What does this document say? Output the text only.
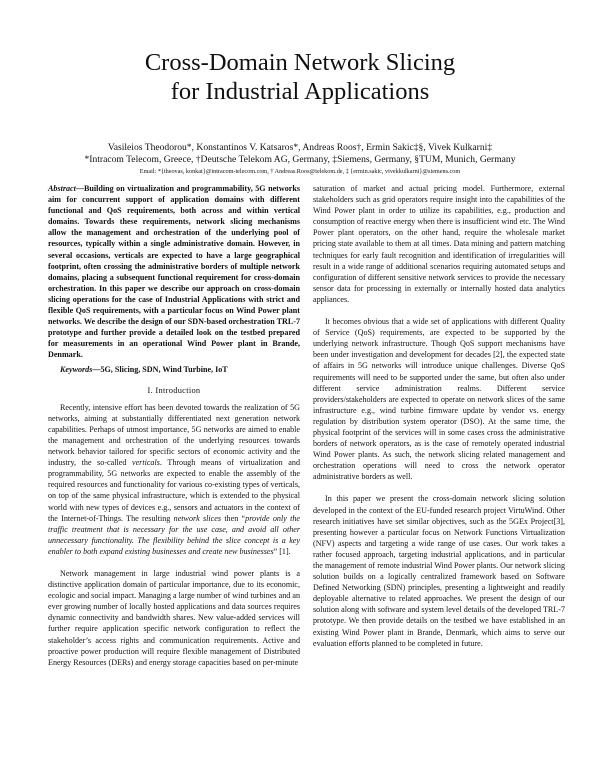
Cross-Domain Network Slicing
for Industrial Applications
Vasileios Theodorou*, Konstantinos V. Katsaros*, Andreas Roos†, Ermin Sakic‡§, Vivek Kulkarni‡
*Intracom Telecom, Greece, †Deutsche Telekom AG, Germany, ‡Siemens, Germany, §TUM, Munich, Germany
Email: *{theovas, konkat}@intracom-telecom.com, † Andreas.Roos@telekom.de, ‡ {ermin.sakic, vivekkulkarni}@siemens.com

Abstract—Building on virtualization and programmability, 5G networks aim for concurrent support of application domains with different functional and QoS requirements, both across and within vertical domains. Towards these requirements, network slicing mechanisms allow the management and orchestration of the underlying pool of resources, typically within a single administrative domain. However, in several occasions, verticals are expected to have a large geographical footprint, often crossing the administrative borders of multiple network domains, placing a subsequent functional requirement for cross-domain orchestration. In this paper we describe our approach on cross-domain slicing operations for the case of Industrial Applications with strict and flexible QoS requirements, with a particular focus on Wind Power plant networks. We describe the design of our SDN-based orchestration TRL-7 prototype and further provide a detailed look on the testbed prepared for measurements in an operational Wind Power plant in Brande, Denmark.

Keywords—5G, Slicing, SDN, Wind Turbine, IoT

I. Introduction

Recently, intensive effort has been devoted towards the realization of 5G networks, aiming at substantially differentiated next generation network capabilities. Perhaps of utmost importance, 5G networks are aimed to enable the management and orchestration of the underlying resources towards network behavior tailored for specific sectors of economic activity and the industry, the so-called verticals. Through means of virtualization and programmability, 5G networks are expected to enable the assembly of the required resources and functionality for various co-existing types of verticals, on top of the same physical infrastructure, which is extended to the physical world with new types of devices e.g., sensors and actuators in the context of the Internet-of-Things. The resulting network slices then “provide only the traffic treatment that is necessary for the use case, and avoid all other unnecessary functionality. The flexibility behind the slice concept is a key enabler to both expand existing businesses and create new businesses” [1].

Network management in large industrial wind power plants is a distinctive application domain of particular importance, due to its economic, ecologic and social impact. Managing a large number of wind turbines and an ever growing number of locally hosted applications and data sources requires dynamic connectivity and bandwidth shares. New value-added services will further require application specific network configuration to reflect the stakeholder’s access rights and communication requirements. Active and proactive power production will require flexible management of Distributed Energy Resources (DERs) and energy storage capacities based on per-minute

saturation of market and actual pricing model. Furthermore, external stakeholders such as grid operators require insight into the capabilities of the Wind Power plant in order to utilize its capabilities, e.g., production and consumption of reactive energy when there is insufficient wind etc. The Wind Power plant operators, on the other hand, require the wholesale market pricing state available to them at all times. Data mining and pattern matching techniques for early fault recognition and identification of irregularities will result in a wide range of additional scenarios requiring automated setups and configuration of different sensitive network services to provide the necessary sensor data for processing in externally or internally hosted data analytics appliances.

It becomes obvious that a wide set of applications with different Quality of Service (QoS) requirements, are expected to be supported by the underlying network infrastructure. Though QoS support mechanisms have been under investigation and development for decades [2], the expected state of affairs in 5G networks will introduce unique challenges. Diverse QoS requirements will need to be supported under the same, but often also under different service administration realms. Different service providers/stakeholders are expected to operate on network slices of the same infrastructure e.g., wind turbine firmware update by vendor vs. energy regulation by distribution system operator (DSO). At the same time, the physical footprint of the services will in some cases cross the administrative borders of network operators, as is the case of remotely operated industrial Wind Power plants. As such, the network slicing related management and orchestration operations will need to cross the network operator administrative borders as well.

In this paper we present the cross-domain network slicing solution developed in the context of the EU-funded research project VirtuWind. Other research initiatives have set similar objectives, such as the 5GEx Project[3], presenting however a particular focus on Network Functions Virtualization (NFV) aspects and targeting a wide range of use cases. Our work takes a rather focused approach, targeting industrial applications, and in particular the management of remote industrial Wind Power plants. Our network slicing solution builds on a logically centralized framework based on Software Defined Networking (SDN) principles, presenting a lightweight and readily deployable alternative to related approaches. We present the design of our solution along with software and system level details of the developed TRL-7 prototype. We then provide details on the testbed we have established in an existing Wind Power plant in Brande, Denmark, which aims to serve our evaluation efforts planned to be completed in future.
